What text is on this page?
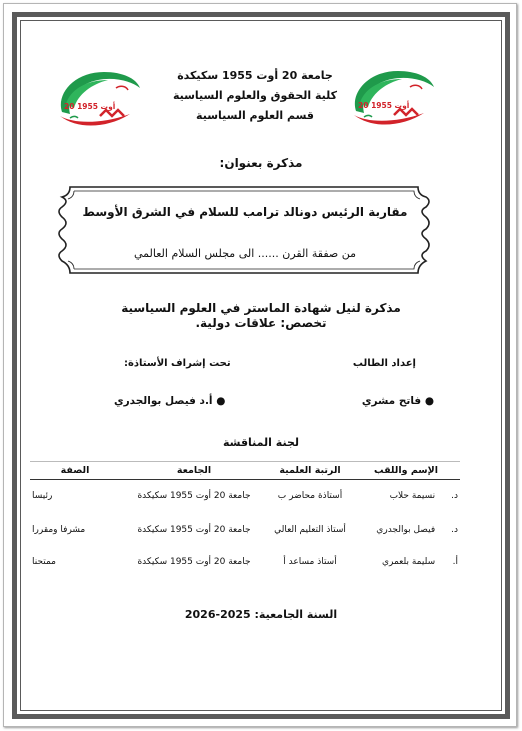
20 أوت 1955	20 أوت 1955
جامعة 20 أوت 1955 سكيكدة
كلية الحقوق والعلوم السياسية
قسم العلوم السياسية
مذكرة بعنوان:
مقاربة الرئيس دونالد ترامب للسلام في الشرق الأوسط
من صفقة القرن ...... الى مجلس السلام العالمي
مذكرة لنيل شهادة الماستر في العلوم السياسية
تخصص: علاقات دولية.
إعداد الطالب
تحت إشراف الأستاذة:
● فاتح مشري
● أ.د فيصل بوالجدري
لجنة المناقشة
الإسم واللقب	الرتبة العلمية	الجامعة	الصفة
د. نسيمة حلاب	أستاذة محاضر ب	جامعة 20 أوت 1955 سكيكدة	رئيسا
د. فيصل بوالجدري	أستاذ التعليم العالي	جامعة 20 أوت 1955 سكيكدة	مشرفا ومقررا
أ. سليمة بلعمري	أستاذ مساعد أ	جامعة 20 أوت 1955 سكيكدة	ممتحنا
السنة الجامعية: 2025-2026
